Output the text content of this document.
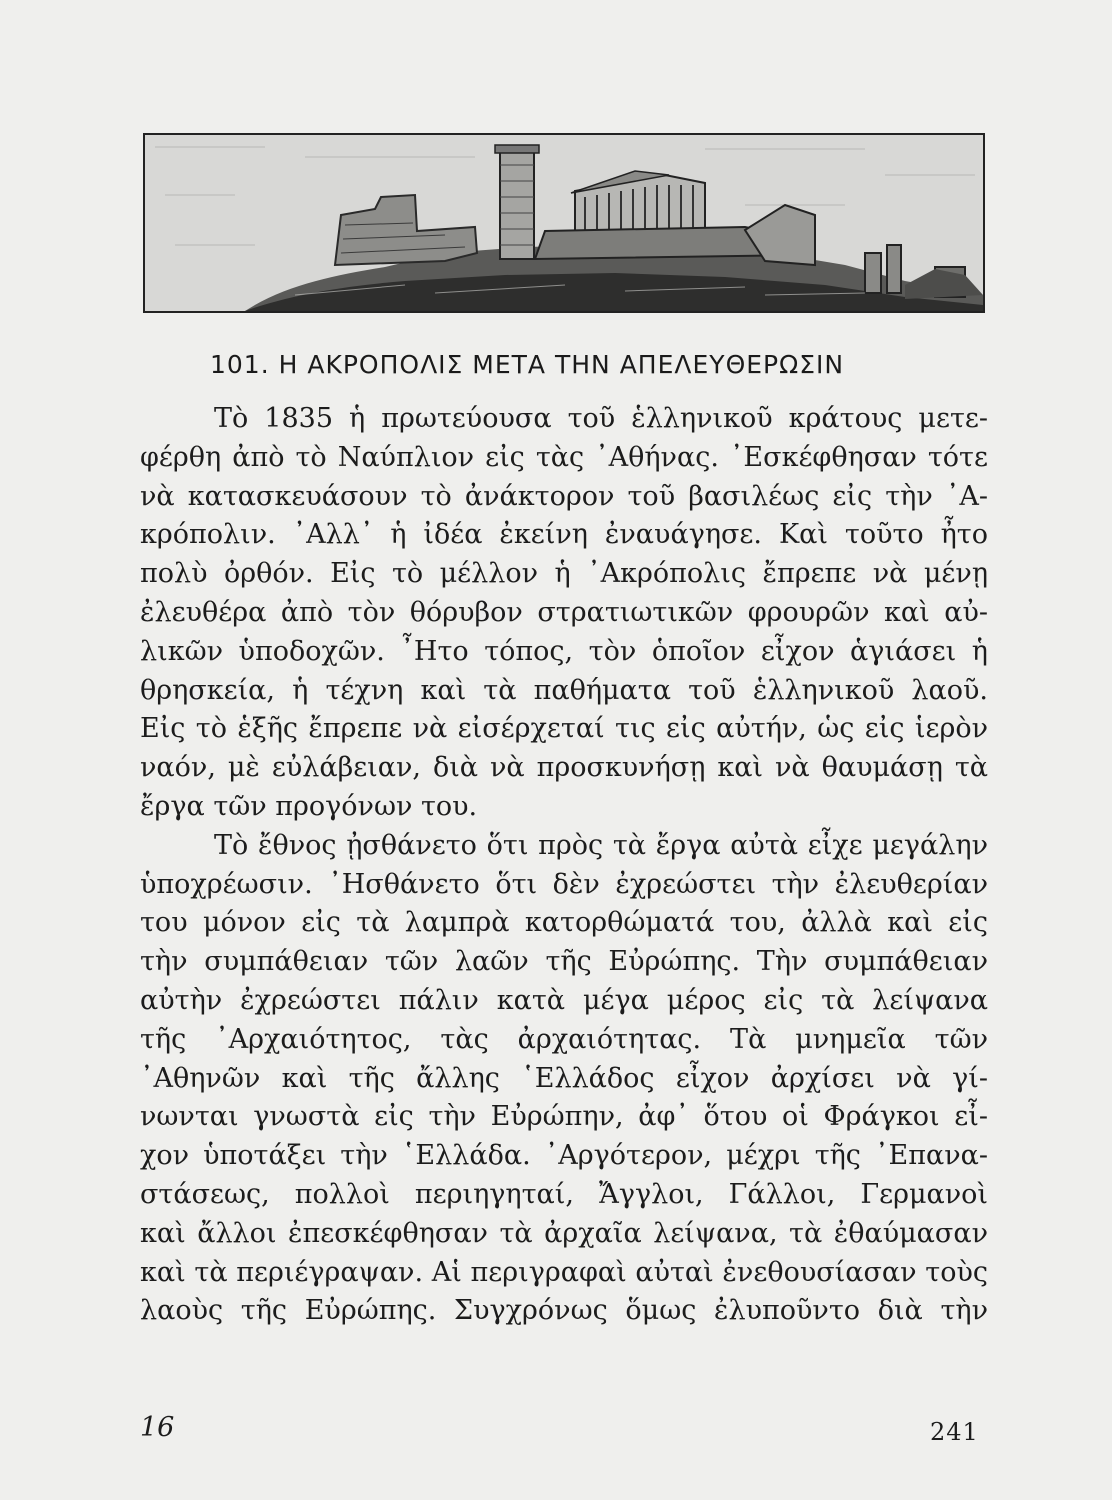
101. Η ΑΚΡΟΠΟΛΙΣ ΜΕΤΑ ΤΗΝ ΑΠΕΛΕΥΘΕΡΩΣΙΝ
Τὸ 1835 ἡ πρωτεύουσα τοῦ ἑλληνικοῦ κράτους μετε-
φέρθη ἀπὸ τὸ Ναύπλιον εἰς τὰς ᾿Αθήνας. ᾿Εσκέφθησαν τότε
νὰ κατασκευάσουν τὸ ἀνάκτορον τοῦ βασιλέως εἰς τὴν ᾿Α-
κρόπολιν. ᾿Αλλ᾿ ἡ ἰδέα ἐκείνη ἐναυάγησε. Καὶ τοῦτο ἦτο
πολὺ ὀρθόν. Εἰς τὸ μέλλον ἡ ᾿Ακρόπολις ἔπρεπε νὰ μένῃ
ἐλευθέρα ἀπὸ τὸν θόρυβον στρατιωτικῶν φρουρῶν καὶ αὐ-
λικῶν ὑποδοχῶν. ῏Ητο τόπος, τὸν ὁποῖον εἶχον ἁγιάσει ἡ
θρησκεία, ἡ τέχνη καὶ τὰ παθήματα τοῦ ἑλληνικοῦ λαοῦ.
Εἰς τὸ ἑξῆς ἔπρεπε νὰ εἰσέρχεταί τις εἰς αὐτήν, ὡς εἰς ἱερὸν
ναόν, μὲ εὐλάβειαν, διὰ νὰ προσκυνήσῃ καὶ νὰ θαυμάσῃ τὰ
ἔργα τῶν προγόνων του.
Τὸ ἔθνος ᾐσθάνετο ὅτι πρὸς τὰ ἔργα αὐτὰ εἶχε μεγάλην
ὑποχρέωσιν. ᾿Ησθάνετο ὅτι δὲν ἐχρεώστει τὴν ἐλευθερίαν
του μόνον εἰς τὰ λαμπρὰ κατορθώματά του, ἀλλὰ καὶ εἰς
τὴν συμπάθειαν τῶν λαῶν τῆς Εὐρώπης. Τὴν συμπάθειαν
αὐτὴν ἐχρεώστει πάλιν κατὰ μέγα μέρος εἰς τὰ λείψανα
τῆς ᾿Αρχαιότητος, τὰς ἀρχαιότητας. Τὰ μνημεῖα τῶν
᾿Αθηνῶν καὶ τῆς ἄλλης ῾Ελλάδος εἶχον ἀρχίσει νὰ γί-
νωνται γνωστὰ εἰς τὴν Εὐρώπην, ἀφ᾿ ὅτου οἱ Φράγκοι εἶ-
χον ὑποτάξει τὴν ῾Ελλάδα. ᾿Αργότερον, μέχρι τῆς ᾿Επανα-
στάσεως, πολλοὶ περιηγηταί, Ἄγγλοι, Γάλλοι, Γερμανοὶ
καὶ ἄλλοι ἐπεσκέφθησαν τὰ ἀρχαῖα λείψανα, τὰ ἐθαύμασαν
καὶ τὰ περιέγραψαν. Αἱ περιγραφαὶ αὐταὶ ἐνεθουσίασαν τοὺς
λαοὺς τῆς Εὐρώπης. Συγχρόνως ὅμως ἐλυποῦντο διὰ τὴν
16	241
